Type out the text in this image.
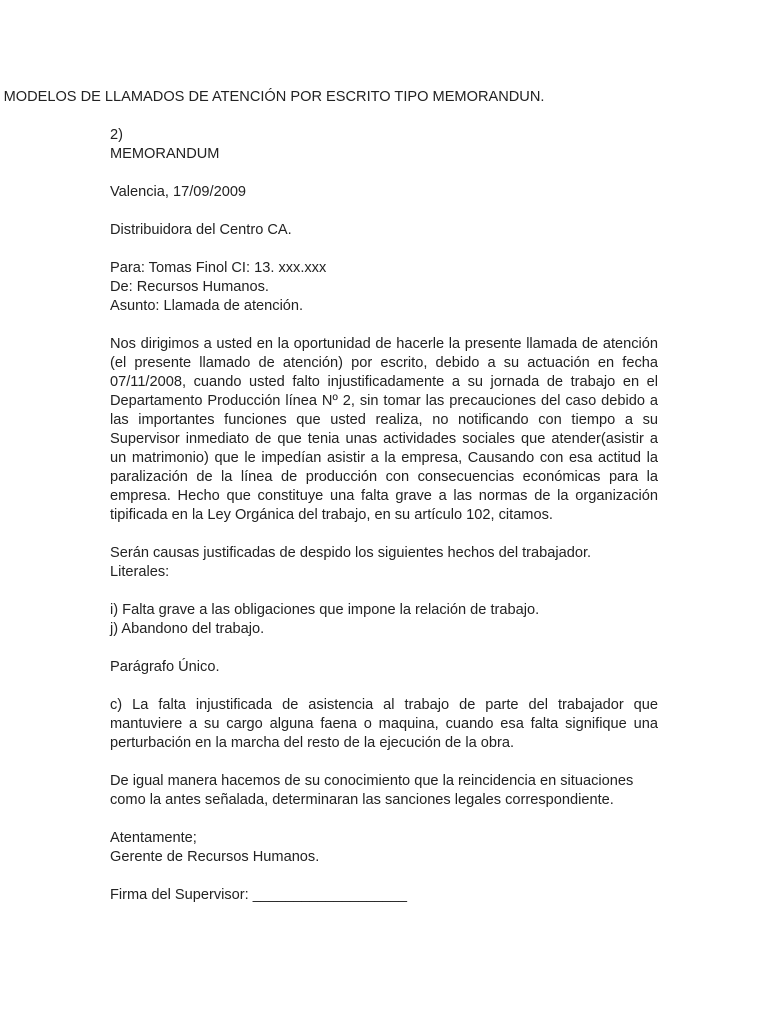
MODELOS DE LLAMADOS DE ATENCIÓN POR ESCRITO TIPO MEMORANDUN.
2)
MEMORANDUM
Valencia, 17/09/2009
Distribuidora del Centro CA.
Para: Tomas Finol CI: 13. xxx.xxx
De: Recursos Humanos.
Asunto: Llamada de atención.

Nos dirigimos a usted en la oportunidad de hacerle la presente llamada de atención (el presente llamado de atención) por escrito, debido a su actuación en fecha 07/11/2008, cuando usted falto injustificadamente a su jornada de trabajo en el Departamento Producción línea Nº 2, sin tomar las precauciones del caso debido a las importantes funciones que usted realiza, no notificando con tiempo a su Supervisor inmediato de que tenia unas actividades sociales que atender(asistir a un matrimonio) que le impedían asistir a la empresa, Causando con esa actitud la paralización de la línea de producción con consecuencias económicas para la empresa. Hecho que constituye una falta grave a las normas de la organización tipificada en la Ley Orgánica del trabajo, en su artículo 102, citamos.

Serán causas justificadas de despido los siguientes hechos del trabajador.
Literales:
i) Falta grave a las obligaciones que impone la relación de trabajo.
j) Abandono del trabajo.
Parágrafo Único.

c) La falta injustificada de asistencia al trabajo de parte del trabajador que mantuviere a su cargo alguna faena o maquina, cuando esa falta signifique una perturbación en la marcha del resto de la ejecución de la obra.

De igual manera hacemos de su conocimiento que la reincidencia en situaciones como la antes señalada, determinaran las sanciones legales correspondiente.

Atentamente;
Gerente de Recursos Humanos.
Firma del Supervisor: ___________________
